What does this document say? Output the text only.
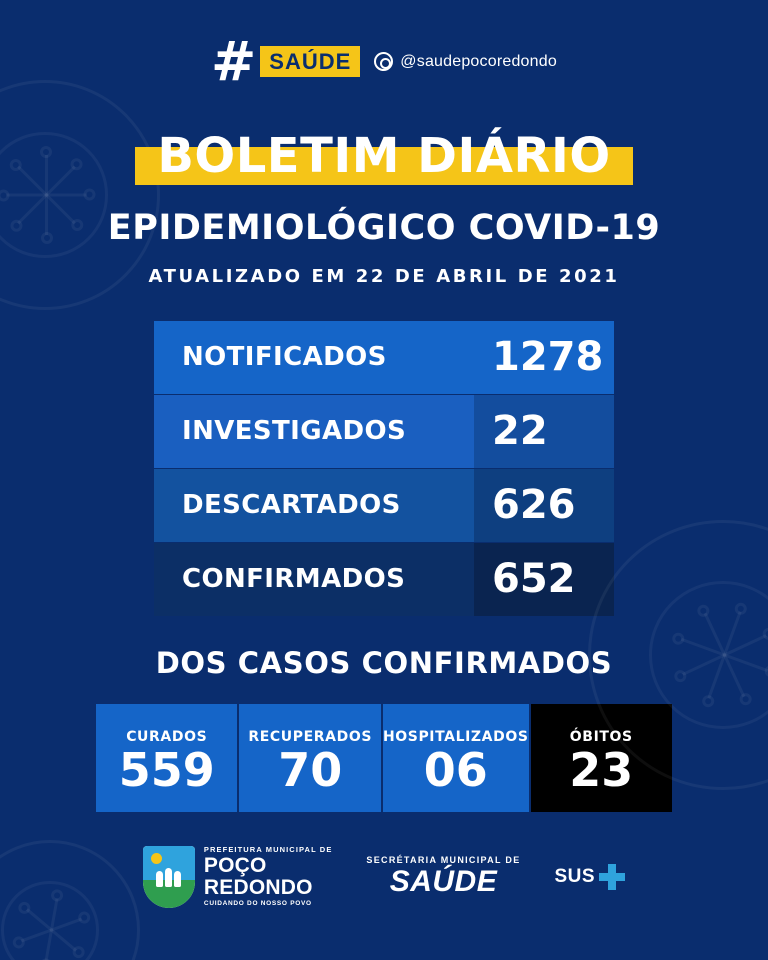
# SAÚDE	@saudepocoredondo
BOLETIM DIÁRIO
EPIDEMIOLÓGICO COVID-19
ATUALIZADO EM 22 DE ABRIL DE 2021
NOTIFICADOS	1278
INVESTIGADOS	22
DESCARTADOS	626
CONFIRMADOS	652
DOS CASOS CONFIRMADOS
CURADOS
559
RECUPERADOS
70
HOSPITALIZADOS
06
ÓBITOS
23
PREFEITURA MUNICIPAL DE
POÇO
REDONDO
CUIDANDO DO NOSSO POVO
SECRÉTARIA MUNICIPAL DE
SAÚDE	SUS
